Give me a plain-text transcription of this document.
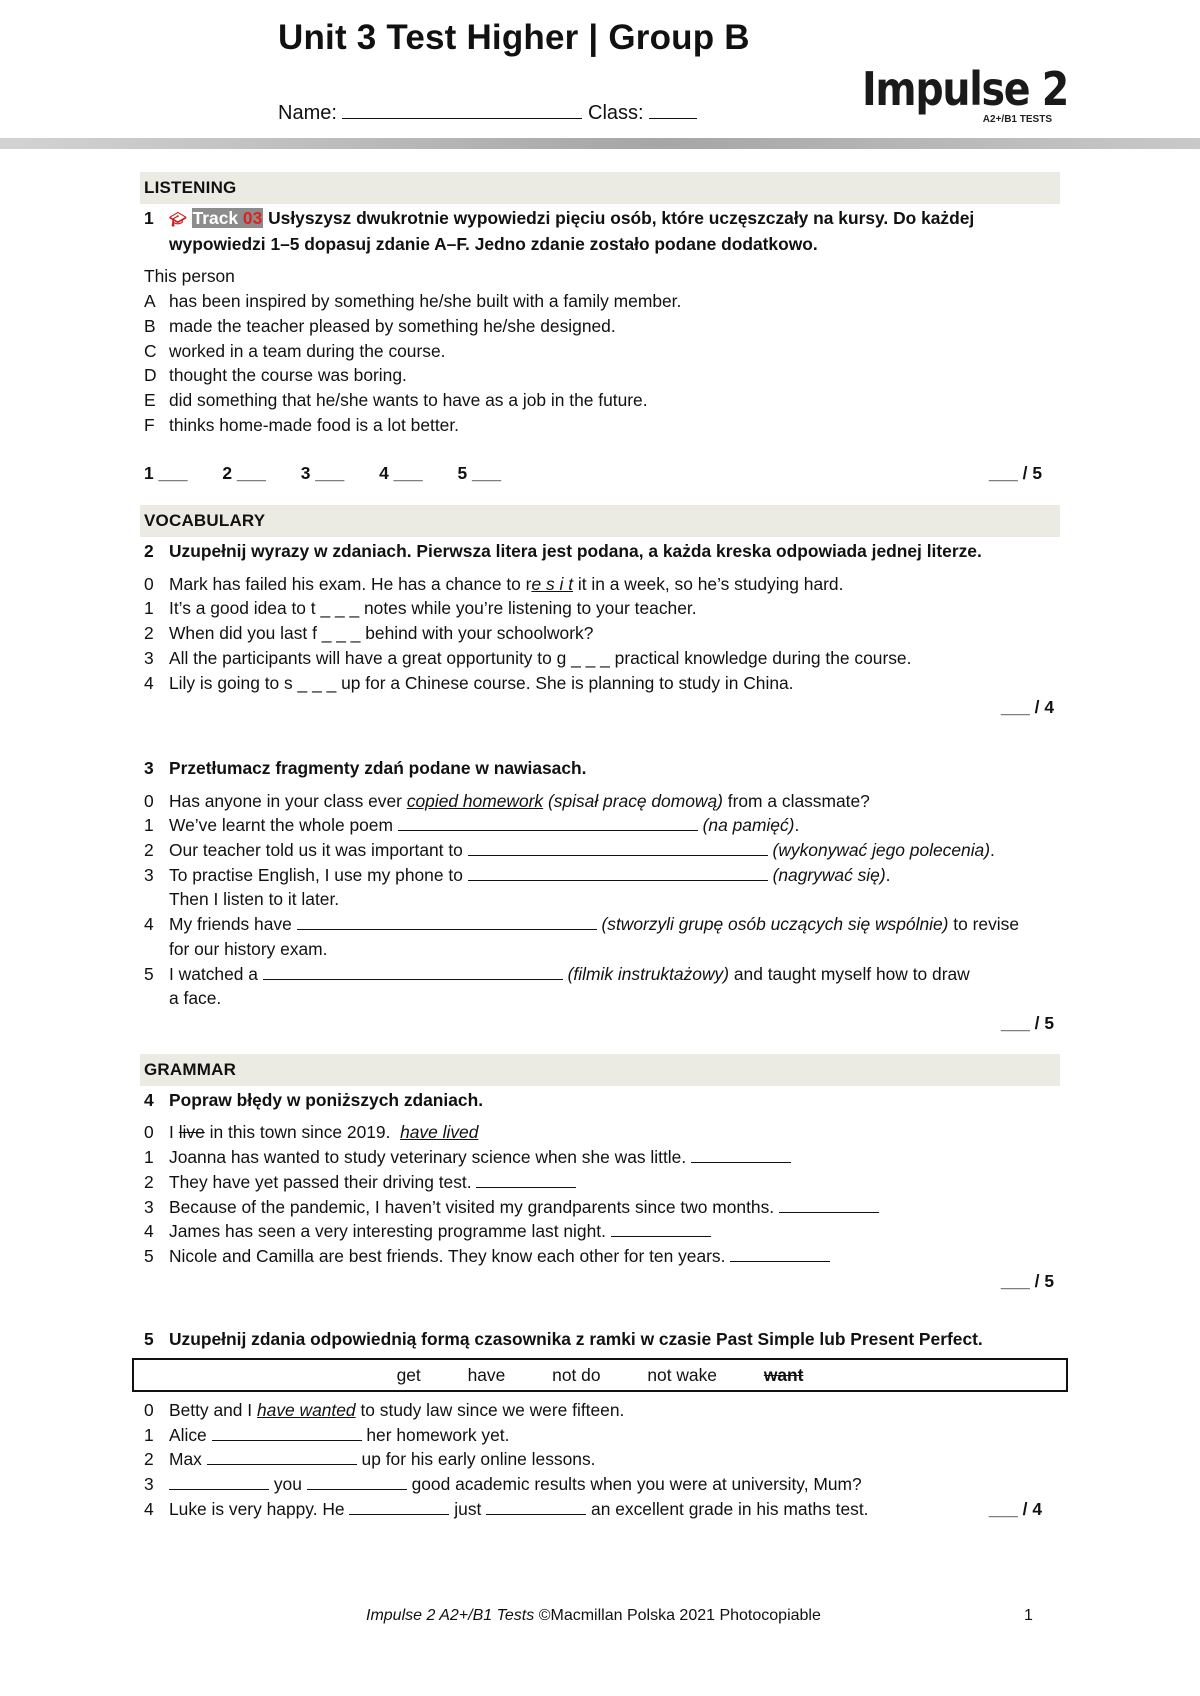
Unit 3 Test Higher | Group B
Name:	Class:	Impulse 2
A2+/B1 TESTS
LISTENING
1	🎓︎ Track 03 Usłyszysz dwukrotnie wypowiedzi pięciu osób, które uczęszczały na kursy. Do każdej wypowiedzi 1–5 dopasuj zdanie A–F. Jedno zdanie zostało podane dodatkowo.
This person
A has been inspired by something he/she built with a family member.
B made the teacher pleased by something he/she designed.
C worked in a team during the course.
D thought the course was boring.
E did something that he/she wants to have as a job in the future.
F thinks home-made food is a lot better.
1 ___ 2 ___ 3 ___ 4 ___ 5 ___	___ / 5
VOCABULARY
2 Uzupełnij wyrazy w zdaniach. Pierwsza litera jest podana, a każda kreska odpowiada jednej literze.
0 Mark has failed his exam. He has a chance to re s i t it in a week, so he’s studying hard.
1 It’s a good idea to t _ _ _ notes while you’re listening to your teacher.
2 When did you last f _ _ _ behind with your schoolwork?
3 All the participants will have a great opportunity to g _ _ _ practical knowledge during the course.
4 Lily is going to s _ _ _ up for a Chinese course. She is planning to study in China.
___ / 4
3 Przetłumacz fragmenty zdań podane w nawiasach.
0 Has anyone in your class ever copied homework (spisał pracę domową) from a classmate?
1 We’ve learnt the whole poem	(na pamięć).
2 Our teacher told us it was important to	(wykonywać jego polecenia).
3 To practise English, I use my phone to	(nagrywać się).
Then I listen to it later.
4 My friends have	(stworzyli grupę osób uczących się wspólnie) to revise
for our history exam.
5 I watched a	(filmik instruktażowy) and taught myself how to draw
a face.
___ / 5
GRAMMAR
4 Popraw błędy w poniższych zdaniach.
0 I live in this town since 2019. have lived
1 Joanna has wanted to study veterinary science when she was little.
2 They have yet passed their driving test.
3 Because of the pandemic, I haven’t visited my grandparents since two months.
4 James has seen a very interesting programme last night.
5 Nicole and Camilla are best friends. They know each other for ten years.
___ / 5
5 Uzupełnij zdania odpowiednią formą czasownika z ramki w czasie Past Simple lub Present Perfect.
get	have	not do	not wake	want
0 Betty and I have wanted to study law since we were fifteen.
1 Alice	her homework yet.
2 Max	up for his early online lessons.
3	you	good academic results when you were at university, Mum?
4 Luke is very happy. He	just	an excellent grade in his maths test.	___ / 4
Impulse 2 A2+/B1 Tests ©Macmillan Polska 2021 Photocopiable	1
